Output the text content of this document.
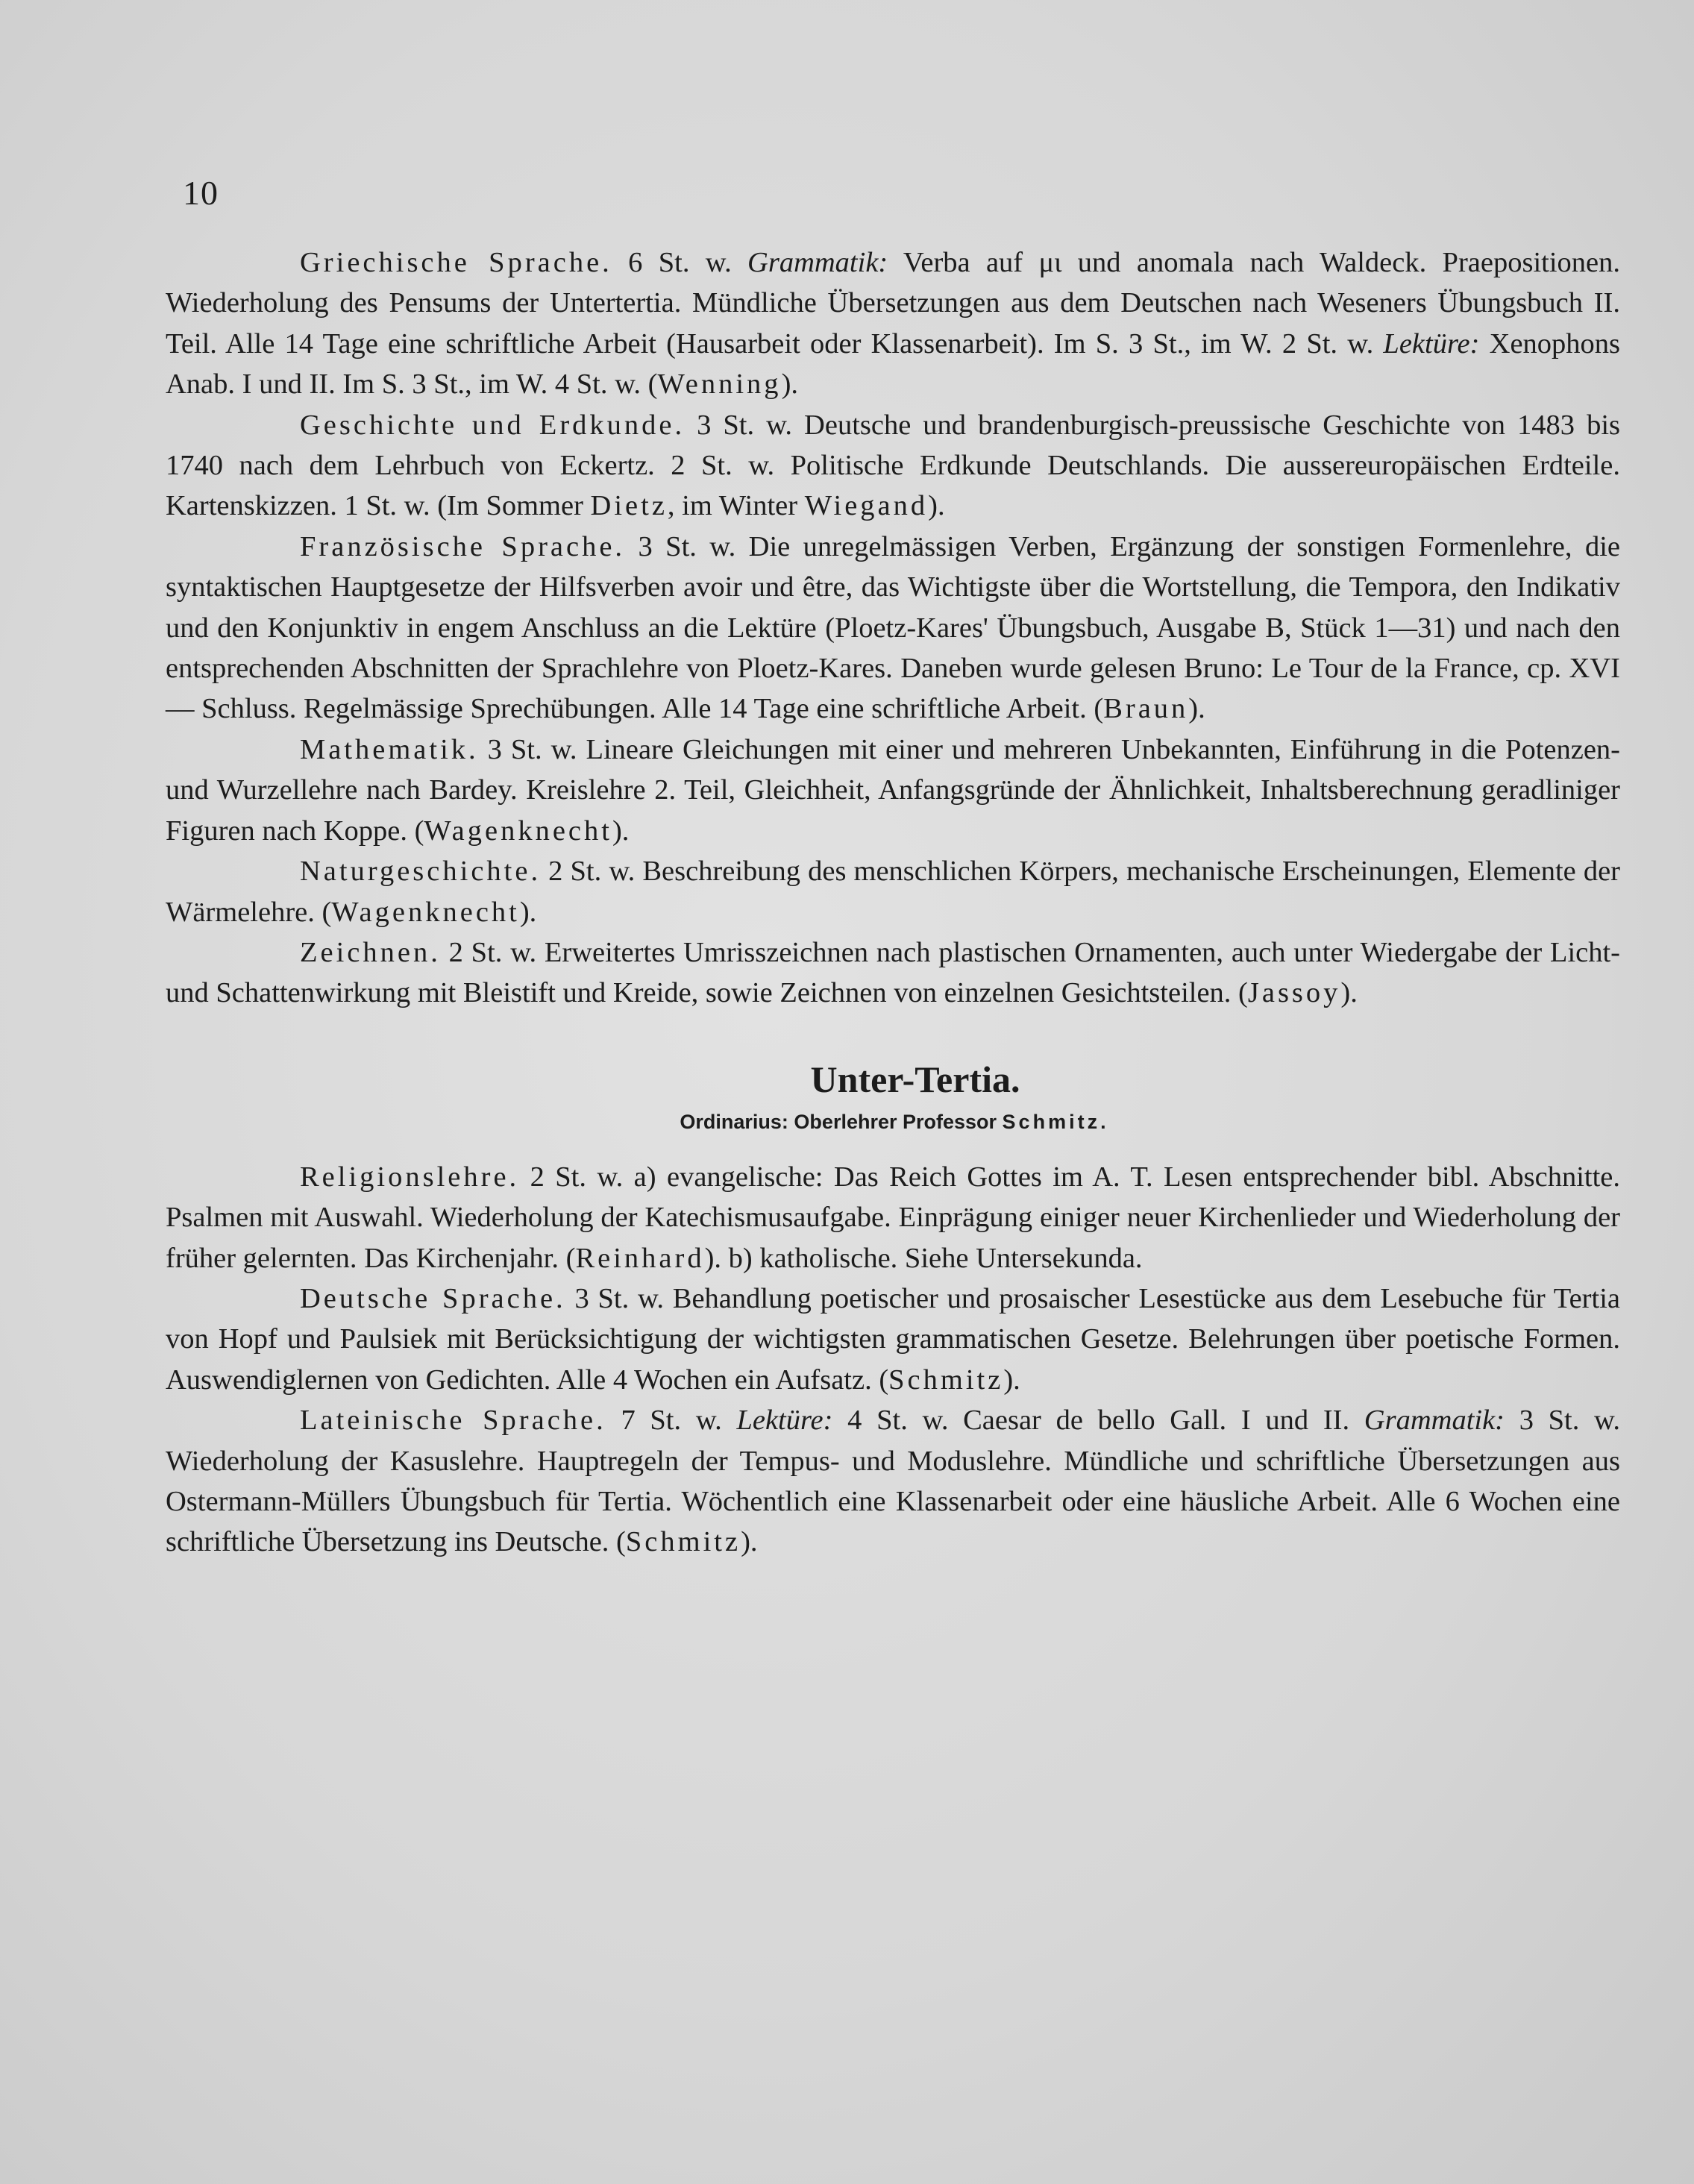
10

Griechische Sprache. 6 St. w. Grammatik: Verba auf μι und anomala nach Waldeck. Praepositionen. Wiederholung des Pensums der Untertertia. Mündliche Übersetzungen aus dem Deutschen nach Weseners Übungsbuch II. Teil. Alle 14 Tage eine schriftliche Arbeit (Hausarbeit oder Klassenarbeit). Im S. 3 St., im W. 2 St. w. Lektüre: Xenophons Anab. I und II. Im S. 3 St., im W. 4 St. w. (Wenning).

Geschichte und Erdkunde. 3 St. w. Deutsche und brandenburgisch-preussische Geschichte von 1483 bis 1740 nach dem Lehrbuch von Eckertz. 2 St. w. Politische Erdkunde Deutschlands. Die aussereuropäischen Erdteile. Kartenskizzen. 1 St. w. (Im Sommer Dietz, im Winter Wiegand).

Französische Sprache. 3 St. w. Die unregelmässigen Verben, Ergänzung der sonstigen Formenlehre, die syntaktischen Hauptgesetze der Hilfsverben avoir und être, das Wichtigste über die Wortstellung, die Tempora, den Indikativ und den Konjunktiv in engem Anschluss an die Lektüre (Ploetz-Kares' Übungsbuch, Ausgabe B, Stück 1—31) und nach den entsprechenden Abschnitten der Sprachlehre von Ploetz-Kares. Daneben wurde gelesen Bruno: Le Tour de la France, cp. XVI — Schluss. Regelmässige Sprechübungen. Alle 14 Tage eine schriftliche Arbeit. (Braun).

Mathematik. 3 St. w. Lineare Gleichungen mit einer und mehreren Unbekannten, Einführung in die Potenzen- und Wurzellehre nach Bardey. Kreislehre 2. Teil, Gleichheit, Anfangsgründe der Ähnlichkeit, Inhaltsberechnung geradliniger Figuren nach Koppe. (Wagenknecht).

Naturgeschichte. 2 St. w. Beschreibung des menschlichen Körpers, mechanische Erscheinungen, Elemente der Wärmelehre. (Wagenknecht).

Zeichnen. 2 St. w. Erweitertes Umrisszeichnen nach plastischen Ornamenten, auch unter Wiedergabe der Licht- und Schattenwirkung mit Bleistift und Kreide, sowie Zeichnen von einzelnen Gesichtsteilen. (Jassoy).

Unter-Tertia.

Ordinarius: Oberlehrer Professor Schmitz.

Religionslehre. 2 St. w. a) evangelische: Das Reich Gottes im A. T. Lesen entsprechender bibl. Abschnitte. Psalmen mit Auswahl. Wiederholung der Katechismusaufgabe. Einprägung einiger neuer Kirchenlieder und Wiederholung der früher gelernten. Das Kirchenjahr. (Reinhard). b) katholische. Siehe Untersekunda.

Deutsche Sprache. 3 St. w. Behandlung poetischer und prosaischer Lesestücke aus dem Lesebuche für Tertia von Hopf und Paulsiek mit Berücksichtigung der wichtigsten grammatischen Gesetze. Belehrungen über poetische Formen. Auswendiglernen von Gedichten. Alle 4 Wochen ein Aufsatz. (Schmitz).

Lateinische Sprache. 7 St. w. Lektüre: 4 St. w. Caesar de bello Gall. I und II. Grammatik: 3 St. w. Wiederholung der Kasuslehre. Hauptregeln der Tempus- und Moduslehre. Mündliche und schriftliche Übersetzungen aus Ostermann-Müllers Übungsbuch für Tertia. Wöchentlich eine Klassenarbeit oder eine häusliche Arbeit. Alle 6 Wochen eine schriftliche Übersetzung ins Deutsche. (Schmitz).
